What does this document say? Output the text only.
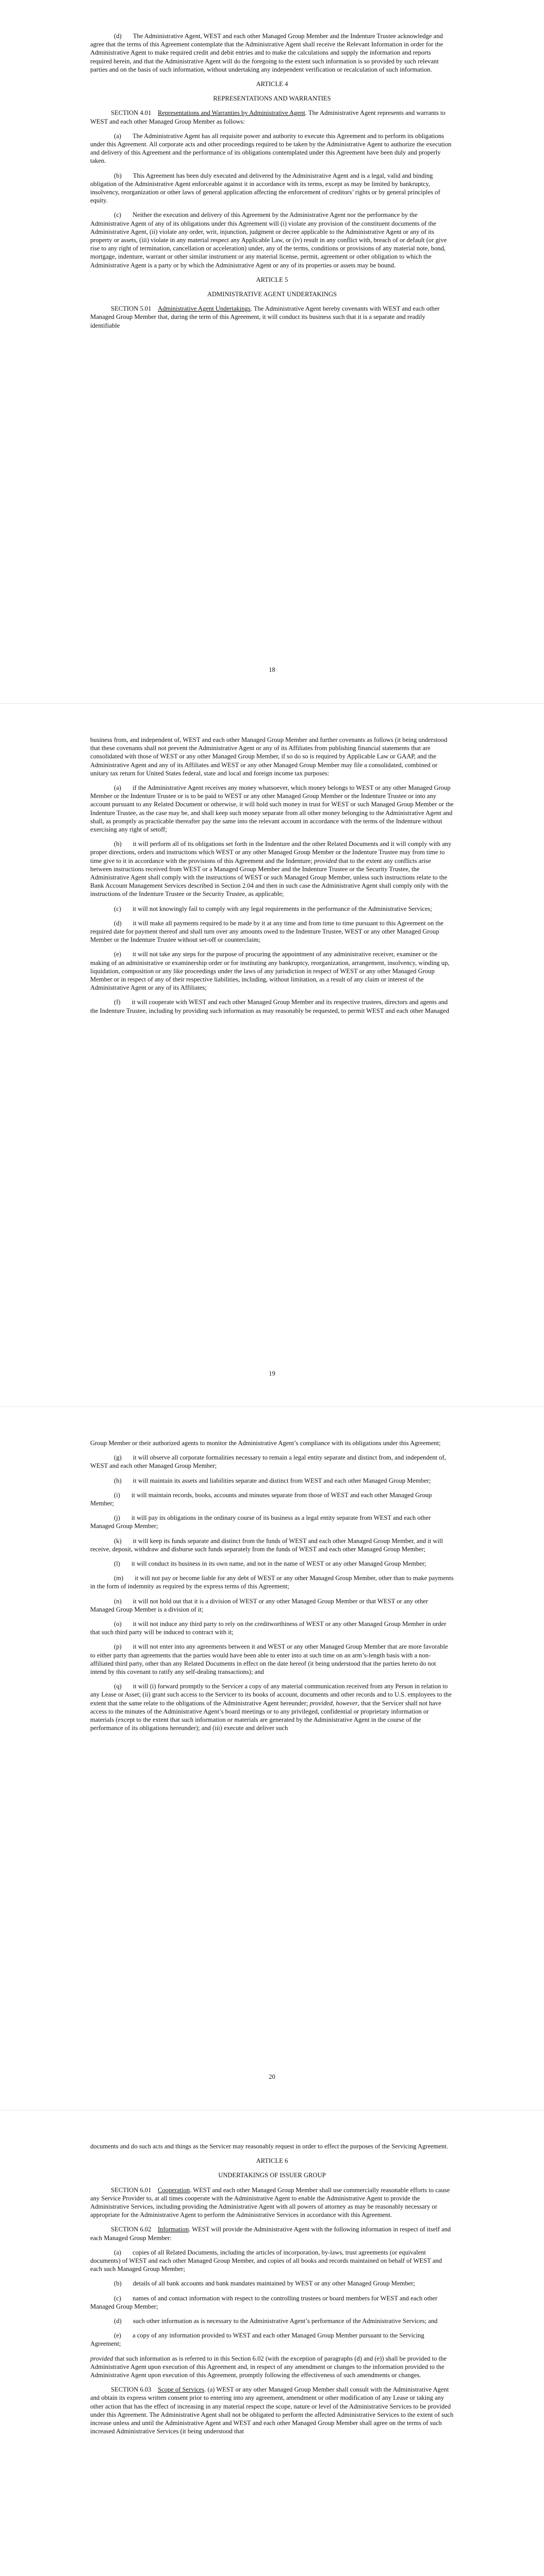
(d)       The Administrative Agent, WEST and each other Managed Group Member and the Indenture Trustee acknowledge and agree that the terms of this Agreement contemplate that the Administrative Agent shall receive the Relevant Information in order for the Administrative Agent to make required credit and debit entries and to make the calculations and supply the information and reports required herein, and that the Administrative Agent will do the foregoing to the extent such information is so provided by such relevant parties and on the basis of such information, without undertaking any independent verification or recalculation of such information.

ARTICLE 4

REPRESENTATIONS AND WARRANTIES

SECTION 4.01 Representations and Warranties by Administrative Agent. The Administrative Agent represents and warrants to WEST and each other Managed Group Member as follows:

(a)       The Administrative Agent has all requisite power and authority to execute this Agreement and to perform its obligations under this Agreement. All corporate acts and other proceedings required to be taken by the Administrative Agent to authorize the execution and delivery of this Agreement and the performance of its obligations contemplated under this Agreement have been duly and properly taken.

(b)       This Agreement has been duly executed and delivered by the Administrative Agent and is a legal, valid and binding obligation of the Administrative Agent enforceable against it in accordance with its terms, except as may be limited by bankruptcy, insolvency, reorganization or other laws of general application affecting the enforcement of creditors’ rights or by general principles of equity.

(c)       Neither the execution and delivery of this Agreement by the Administrative Agent nor the performance by the Administrative Agent of any of its obligations under this Agreement will (i) violate any provision of the constituent documents of the Administrative Agent, (ii) violate any order, writ, injunction, judgment or decree applicable to the Administrative Agent or any of its property or assets, (iii) violate in any material respect any Applicable Law, or (iv) result in any conflict with, breach of or default (or give rise to any right of termination, cancellation or acceleration) under, any of the terms, conditions or provisions of any material note, bond, mortgage, indenture, warrant or other similar instrument or any material license, permit, agreement or other obligation to which the Administrative Agent is a party or by which the Administrative Agent or any of its properties or assets may be bound.

ARTICLE 5

ADMINISTRATIVE AGENT UNDERTAKINGS

SECTION 5.01 Administrative Agent Undertakings. The Administrative Agent hereby covenants with WEST and each other Managed Group Member that, during the term of this Agreement, it will conduct its business such that it is a separate and readily identifiable

18

business from, and independent of, WEST and each other Managed Group Member and further covenants as follows (it being understood that these covenants shall not prevent the Administrative Agent or any of its Affiliates from publishing financial statements that are consolidated with those of WEST or any other Managed Group Member, if so do so is required by Applicable Law or GAAP, and the Administrative Agent and any of its Affiliates and WEST or any other Managed Group Member may file a consolidated, combined or unitary tax return for United States federal, state and local and foreign income tax purposes:

(a)       if the Administrative Agent receives any money whatsoever, which money belongs to WEST or any other Managed Group Member or the Indenture Trustee or is to be paid to WEST or any other Managed Group Member or the Indenture Trustee or into any account pursuant to any Related Document or otherwise, it will hold such money in trust for WEST or such Managed Group Member or the Indenture Trustee, as the case may be, and shall keep such money separate from all other money belonging to the Administrative Agent and shall, as promptly as practicable thereafter pay the same into the relevant account in accordance with the terms of the Indenture without exercising any right of setoff;

(b)       it will perform all of its obligations set forth in the Indenture and the other Related Documents and it will comply with any proper directions, orders and instructions which WEST or any other Managed Group Member or the Indenture Trustee may from time to time give to it in accordance with the provisions of this Agreement and the Indenture; provided that to the extent any conflicts arise between instructions received from WEST or a Managed Group Member and the Indenture Trustee or the Security Trustee, the Administrative Agent shall comply with the instructions of WEST or such Managed Group Member, unless such instructions relate to the Bank Account Management Services described in Section 2.04 and then in such case the Administrative Agent shall comply only with the instructions of the Indenture Trustee or the Security Trustee, as applicable;

(c)       it will not knowingly fail to comply with any legal requirements in the performance of the Administrative Services;

(d)       it will make all payments required to be made by it at any time and from time to time pursuant to this Agreement on the required date for payment thereof and shall turn over any amounts owed to the Indenture Trustee, WEST or any other Managed Group Member or the Indenture Trustee without set-off or counterclaim;

(e)       it will not take any steps for the purpose of procuring the appointment of any administrative receiver, examiner or the making of an administrative or examinership order or for instituting any bankruptcy, reorganization, arrangement, insolvency, winding up, liquidation, composition or any like proceedings under the laws of any jurisdiction in respect of WEST or any other Managed Group Member or in respect of any of their respective liabilities, including, without limitation, as a result of any claim or interest of the Administrative Agent or any of its Affiliates;

(f)       it will cooperate with WEST and each other Managed Group Member and its respective trustees, directors and agents and the Indenture Trustee, including by providing such information as may reasonably be requested, to permit WEST and each other Managed

19

Group Member or their authorized agents to monitor the Administrative Agent’s compliance with its obligations under this Agreement;

(g)       it will observe all corporate formalities necessary to remain a legal entity separate and distinct from, and independent of, WEST and each other Managed Group Member;

(h)       it will maintain its assets and liabilities separate and distinct from WEST and each other Managed Group Member;

(i)       it will maintain records, books, accounts and minutes separate from those of WEST and each other Managed Group Member;

(j)       it will pay its obligations in the ordinary course of its business as a legal entity separate from WEST and each other Managed Group Member;

(k)       it will keep its funds separate and distinct from the funds of WEST and each other Managed Group Member, and it will receive, deposit, withdraw and disburse such funds separately from the funds of WEST and each other Managed Group Member;

(l)       it will conduct its business in its own name, and not in the name of WEST or any other Managed Group Member;

(m)       it will not pay or become liable for any debt of WEST or any other Managed Group Member, other than to make payments in the form of indemnity as required by the express terms of this Agreement;

(n)       it will not hold out that it is a division of WEST or any other Managed Group Member or that WEST or any other Managed Group Member is a division of it;

(o)       it will not induce any third party to rely on the creditworthiness of WEST or any other Managed Group Member in order that such third party will be induced to contract with it;

(p)       it will not enter into any agreements between it and WEST or any other Managed Group Member that are more favorable to either party than agreements that the parties would have been able to enter into at such time on an arm’s-length basis with a non-affiliated third party, other than any Related Documents in effect on the date hereof (it being understood that the parties hereto do not intend by this covenant to ratify any self-dealing transactions); and

(q)       it will (i) forward promptly to the Servicer a copy of any material communication received from any Person in relation to any Lease or Asset; (ii) grant such access to the Servicer to its books of account, documents and other records and to U.S. employees to the extent that the same relate to the obligations of the Administrative Agent hereunder; provided, however, that the Servicer shall not have access to the minutes of the Administrative Agent’s board meetings or to any privileged, confidential or proprietary information or materials (except to the extent that such information or materials are generated by the Administrative Agent in the course of the performance of its obligations hereunder); and (iii) execute and deliver such

20

documents and do such acts and things as the Servicer may reasonably request in order to effect the purposes of the Servicing Agreement.

ARTICLE 6

UNDERTAKINGS OF ISSUER GROUP

SECTION 6.01 Cooperation. WEST and each other Managed Group Member shall use commercially reasonable efforts to cause any Service Provider to, at all times cooperate with the Administrative Agent to enable the Administrative Agent to provide the Administrative Services, including providing the Administrative Agent with all powers of attorney as may be reasonably necessary or appropriate for the Administrative Agent to perform the Administrative Services in accordance with this Agreement.

SECTION 6.02 Information. WEST will provide the Administrative Agent with the following information in respect of itself and each Managed Group Member:

(a)       copies of all Related Documents, including the articles of incorporation, by-laws, trust agreements (or equivalent documents) of WEST and each other Managed Group Member, and copies of all books and records maintained on behalf of WEST and each such Managed Group Member;

(b)       details of all bank accounts and bank mandates maintained by WEST or any other Managed Group Member;

(c)       names of and contact information with respect to the controlling trustees or board members for WEST and each other Managed Group Member;

(d)       such other information as is necessary to the Administrative Agent’s performance of the Administrative Services; and

(e)       a copy of any information provided to WEST and each other Managed Group Member pursuant to the Servicing Agreement;

provided that such information as is referred to in this Section 6.02 (with the exception of paragraphs (d) and (e)) shall be provided to the Administrative Agent upon execution of this Agreement and, in respect of any amendment or changes to the information provided to the Administrative Agent upon execution of this Agreement, promptly following the effectiveness of such amendments or changes.

SECTION 6.03 Scope of Services. (a) WEST or any other Managed Group Member shall consult with the Administrative Agent and obtain its express written consent prior to entering into any agreement, amendment or other modification of any Lease or taking any other action that has the effect of increasing in any material respect the scope, nature or level of the Administrative Services to be provided under this Agreement. The Administrative Agent shall not be obligated to perform the affected Administrative Services to the extent of such increase unless and until the Administrative Agent and WEST and each other Managed Group Member shall agree on the terms of such increased Administrative Services (it being understood that
